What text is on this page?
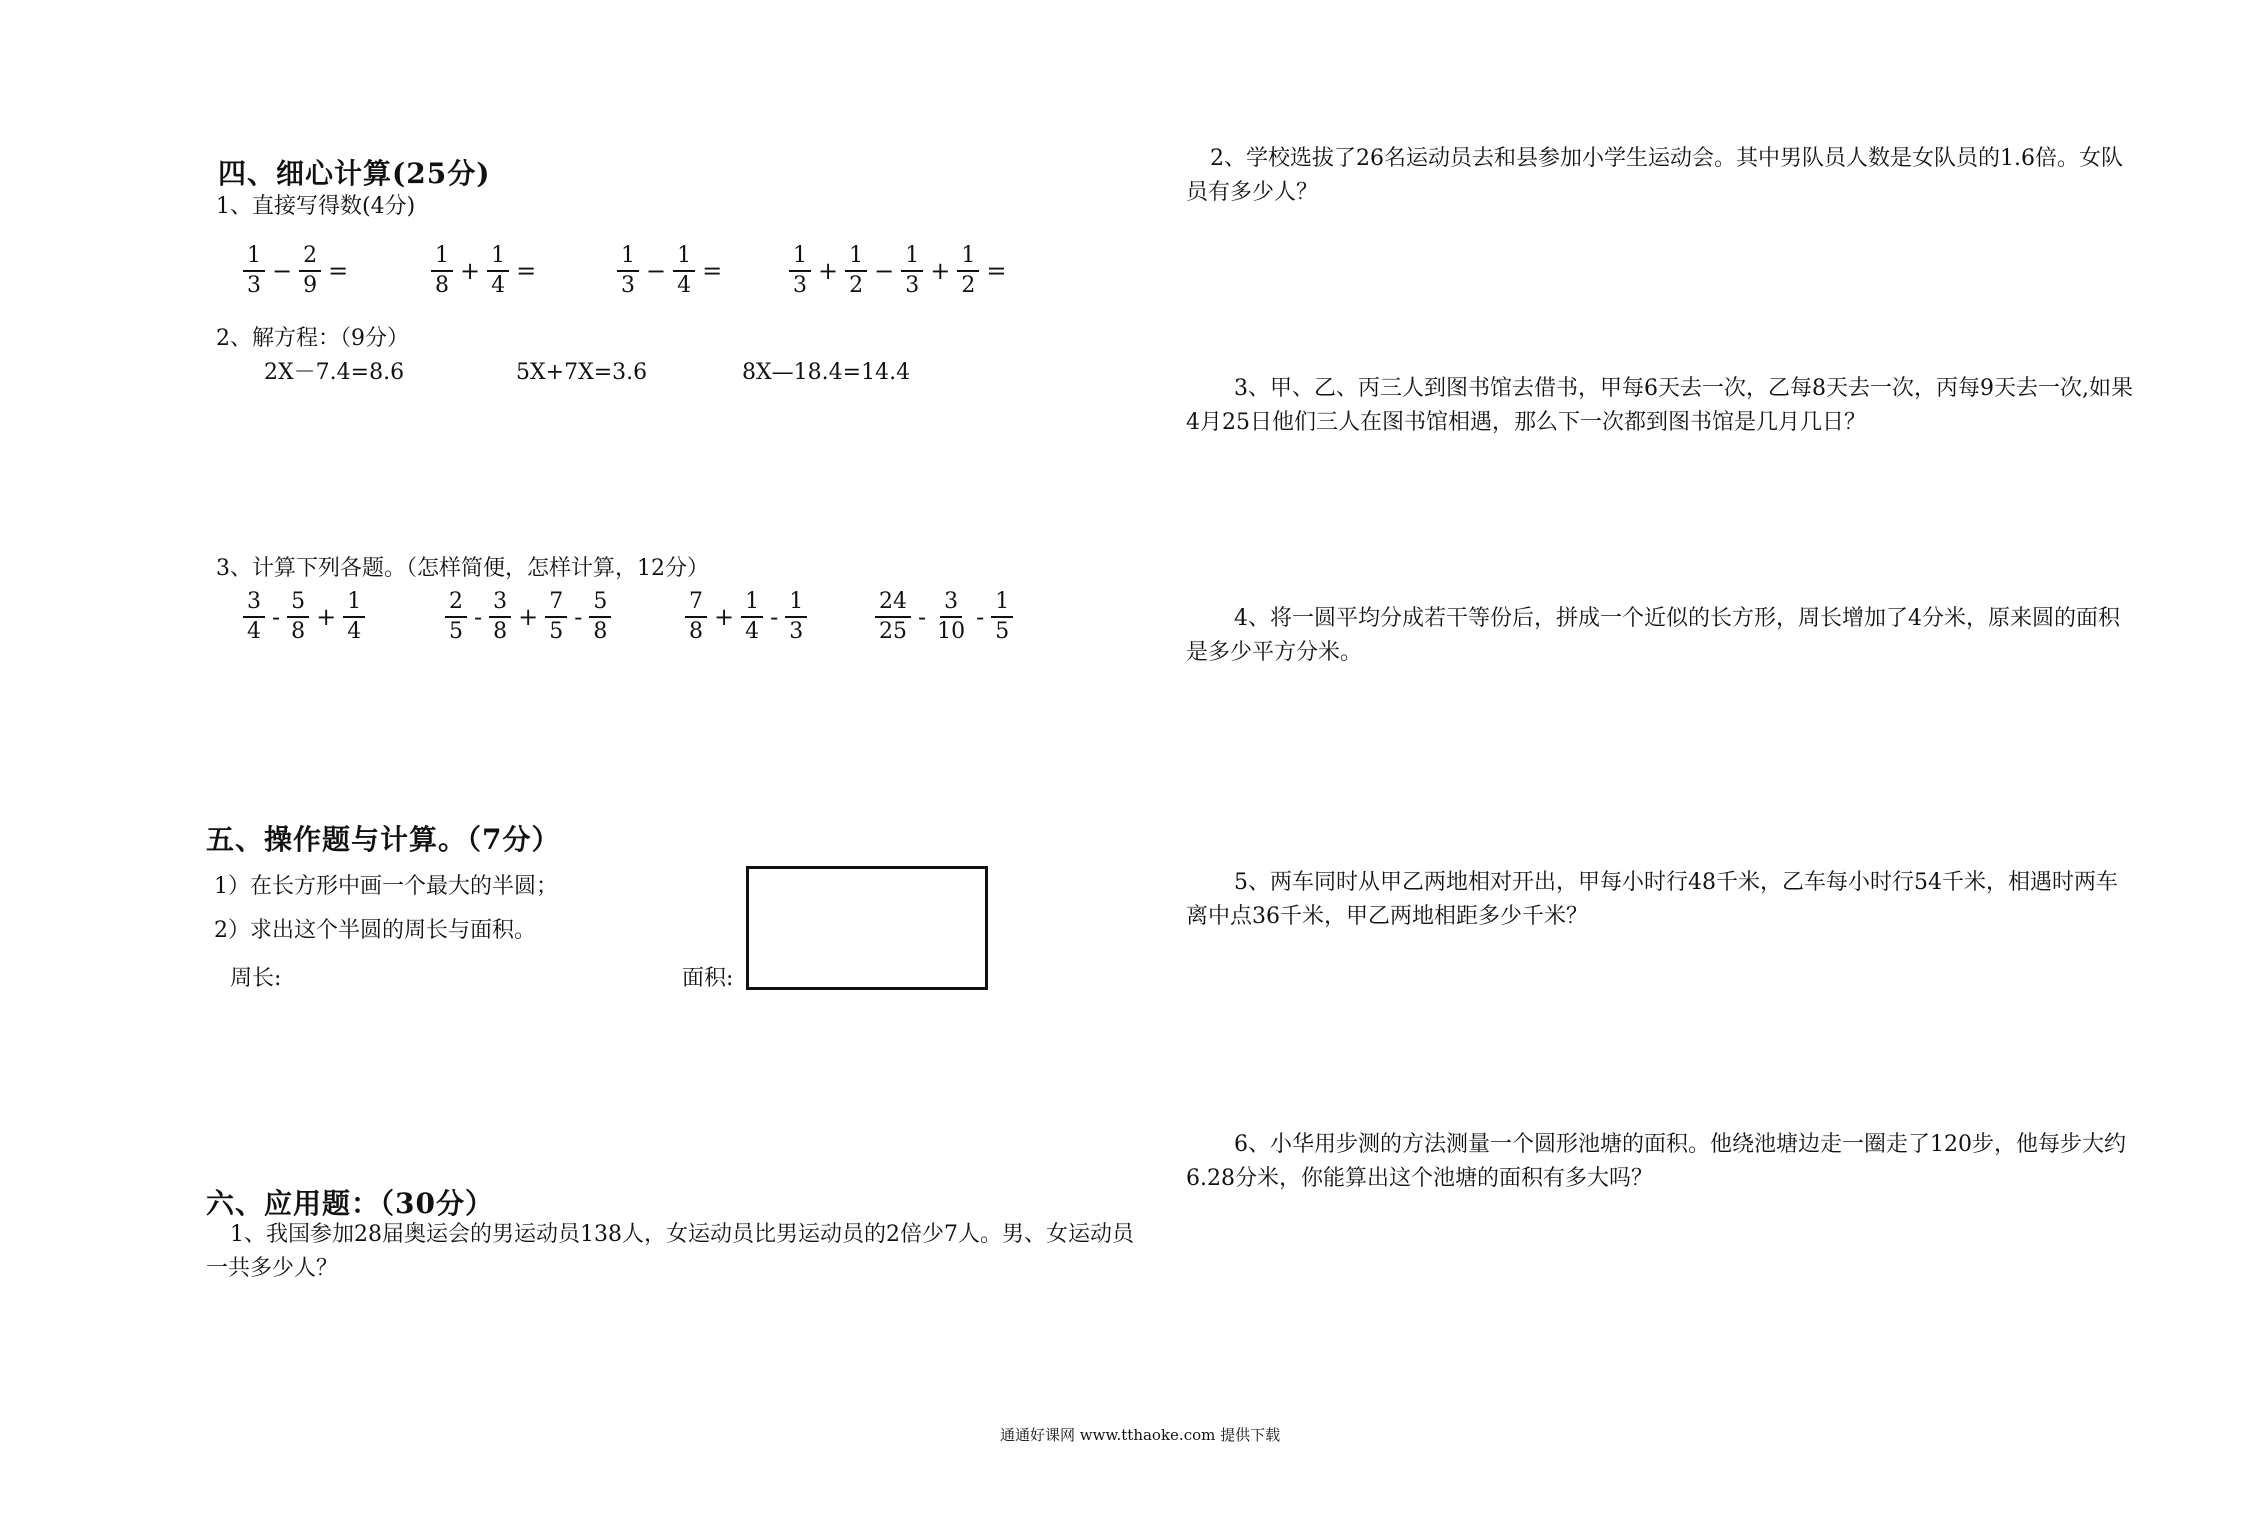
四、细心计算(25分)
1、直接写得数(4分)
$\frac{1}{3} - \frac{2}{9}$ =	$\frac{1}{8} + \frac{1}{4}$ =	$\frac{1}{3} - \frac{1}{4}$ =	$\frac{1}{3} + \frac{1}{2} - \frac{1}{3} + \frac{1}{2}$ =
2、解方程：（9分）
2X－7.4=8.6	5X+7X=3.6	8X—18.4=14.4
3、计算下列各题。（怎样简便，怎样计算，12分）
$\frac{3}{4} - \frac{5}{8} + \frac{1}{4}$	$\frac{2}{5} - \frac{3}{8} + \frac{7}{5} - \frac{5}{8}$	$\frac{7}{8} + \frac{1}{4} - \frac{1}{3}$	$\frac{24}{25} - \frac{3}{10} - \frac{1}{5}$
五、操作题与计算。（7分）
1）在长方形中画一个最大的半圆；
2）求出这个半圆的周长与面积。
周长:	面积:
六、应用题：（30分）
1、我国参加28届奥运会的男运动员138人，女运动员比男运动员的2倍少7人。男、女运动员一共多少人？
2、学校选拔了26名运动员去和县参加小学生运动会。其中男队员人数是女队员的1.6倍。女队员有多少人？
3、甲、乙、丙三人到图书馆去借书，甲每6天去一次，乙每8天去一次，丙每9天去一次,如果4月25日他们三人在图书馆相遇，那么下一次都到图书馆是几月几日？
4、将一圆平均分成若干等份后，拼成一个近似的长方形，周长增加了4分米，原来圆的面积是多少平方分米。
5、两车同时从甲乙两地相对开出，甲每小时行48千米，乙车每小时行54千米，相遇时两车离中点36千米，甲乙两地相距多少千米？
6、小华用步测的方法测量一个圆形池塘的面积。他绕池塘边走一圈走了120步，他每步大约6.28分米，你能算出这个池塘的面积有多大吗？
通通好课网 www.tthaoke.com 提供下载
